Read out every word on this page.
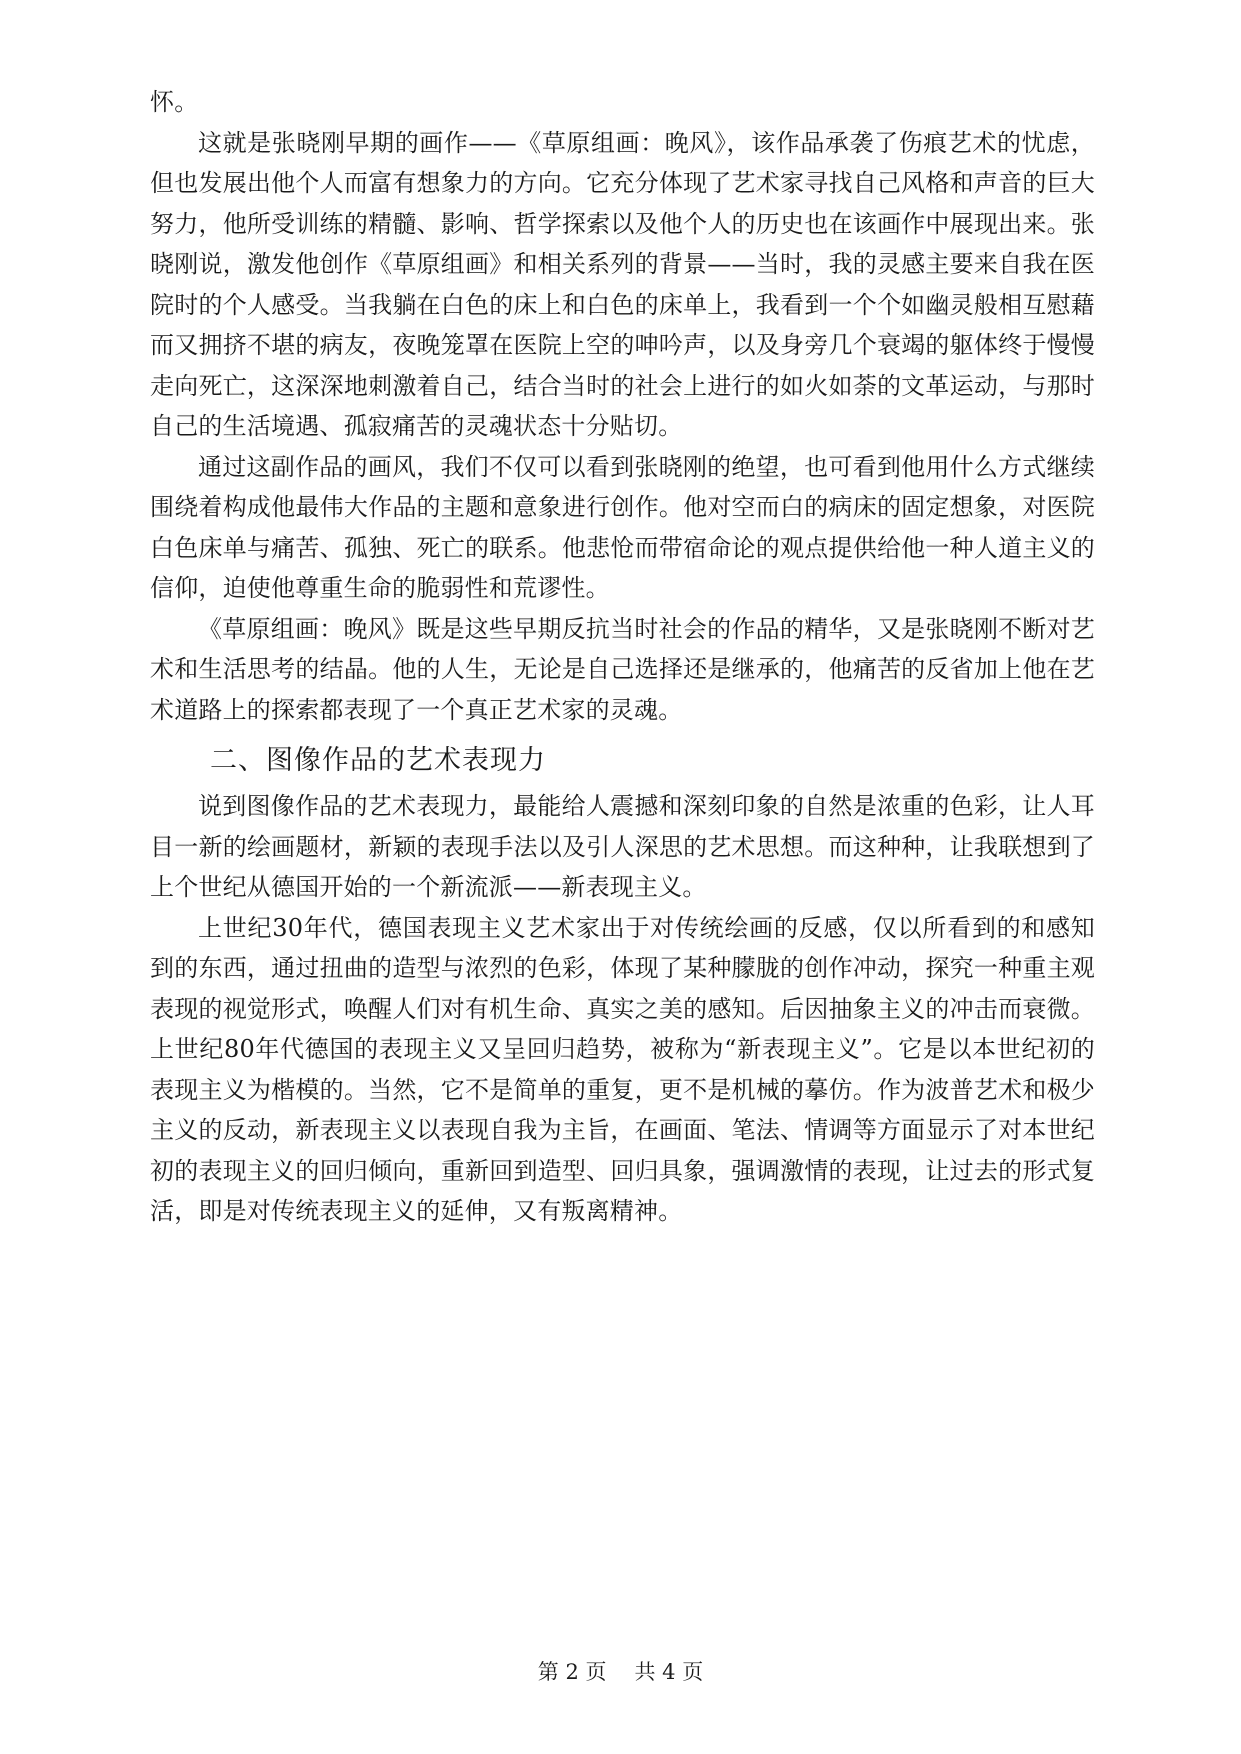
怀。

这就是张晓刚早期的画作——《草原组画：晚风》，该作品承袭了伤痕艺术的忧虑，但也发展出他个人而富有想象力的方向。它充分体现了艺术家寻找自己风格和声音的巨大努力，他所受训练的精髓、影响、哲学探索以及他个人的历史也在该画作中展现出来。张晓刚说，激发他创作《草原组画》和相关系列的背景——当时，我的灵感主要来自我在医院时的个人感受。当我躺在白色的床上和白色的床单上，我看到一个个如幽灵般相互慰藉而又拥挤不堪的病友，夜晚笼罩在医院上空的呻吟声，以及身旁几个衰竭的躯体终于慢慢走向死亡，这深深地刺激着自己，结合当时的社会上进行的如火如荼的文革运动，与那时自己的生活境遇、孤寂痛苦的灵魂状态十分贴切。

通过这副作品的画风，我们不仅可以看到张晓刚的绝望，也可看到他用什么方式继续围绕着构成他最伟大作品的主题和意象进行创作。他对空而白的病床的固定想象，对医院白色床单与痛苦、孤独、死亡的联系。他悲怆而带宿命论的观点提供给他一种人道主义的信仰，迫使他尊重生命的脆弱性和荒谬性。

《草原组画：晚风》既是这些早期反抗当时社会的作品的精华，又是张晓刚不断对艺术和生活思考的结晶。他的人生，无论是自己选择还是继承的，他痛苦的反省加上他在艺术道路上的探索都表现了一个真正艺术家的灵魂。

二、图像作品的艺术表现力

说到图像作品的艺术表现力，最能给人震撼和深刻印象的自然是浓重的色彩，让人耳目一新的绘画题材，新颖的表现手法以及引人深思的艺术思想。而这种种，让我联想到了上个世纪从德国开始的一个新流派——新表现主义。

上世纪30年代，德国表现主义艺术家出于对传统绘画的反感，仅以所看到的和感知到的东西，通过扭曲的造型与浓烈的色彩，体现了某种朦胧的创作冲动，探究一种重主观表现的视觉形式，唤醒人们对有机生命、真实之美的感知。后因抽象主义的冲击而衰微。上世纪80年代德国的表现主义又呈回归趋势，被称为“新表现主义”。它是以本世纪初的表现主义为楷模的。当然，它不是简单的重复，更不是机械的摹仿。作为波普艺术和极少主义的反动，新表现主义以表现自我为主旨，在画面、笔法、情调等方面显示了对本世纪初的表现主义的回归倾向，重新回到造型、回归具象，强调激情的表现，让过去的形式复活，即是对传统表现主义的延伸，又有叛离精神。

第 2 页 共 4 页
